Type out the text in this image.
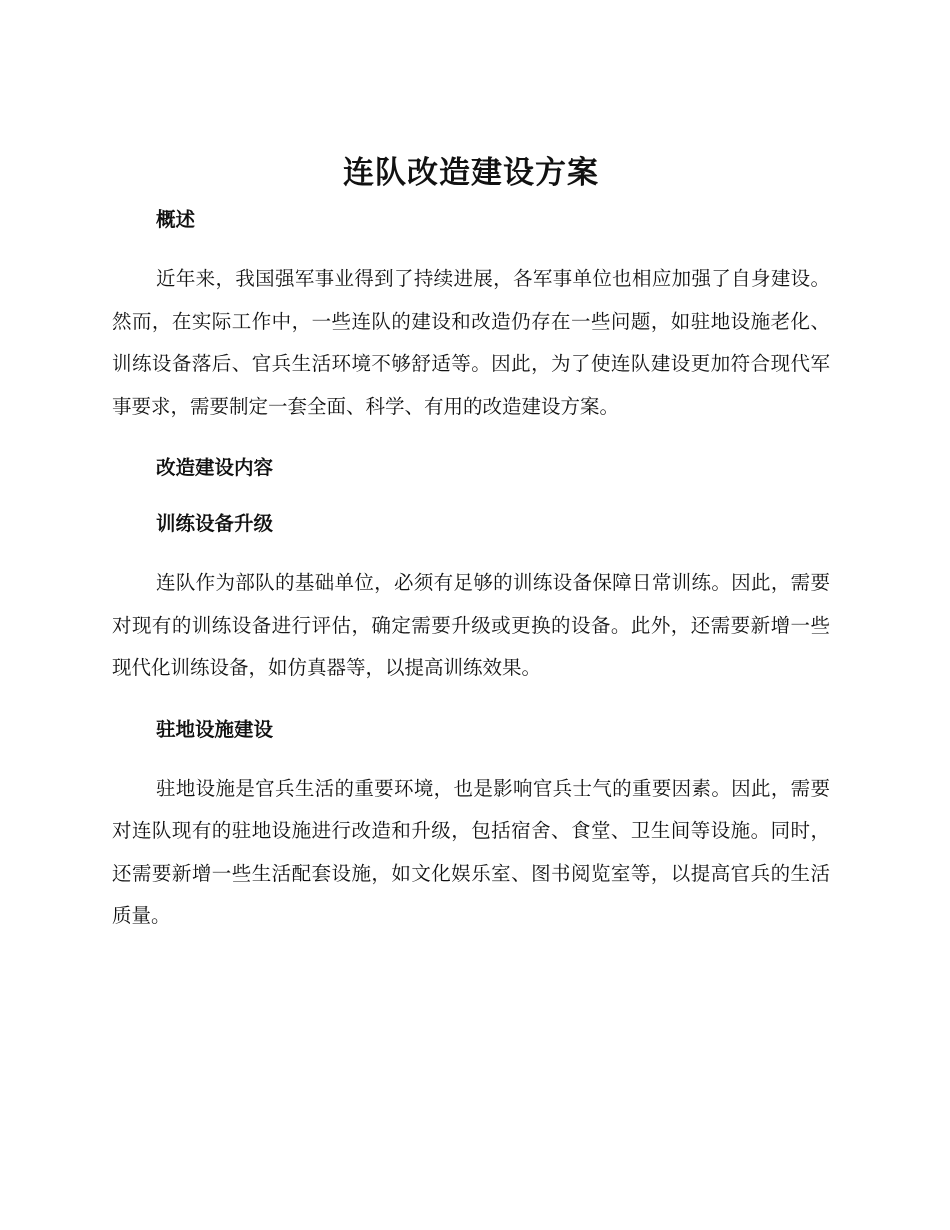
连队改造建设方案
概述

近年来，我国强军事业得到了持续进展，各军事单位也相应加强了自身建设。然而，在实际工作中，一些连队的建设和改造仍存在一些问题，如驻地设施老化、训练设备落后、官兵生活环境不够舒适等。因此，为了使连队建设更加符合现代军事要求，需要制定一套全面、科学、有用的改造建设方案。

改造建设内容
训练设备升级

连队作为部队的基础单位，必须有足够的训练设备保障日常训练。因此，需要对现有的训练设备进行评估，确定需要升级或更换的设备。此外，还需要新增一些现代化训练设备，如仿真器等，以提高训练效果。

驻地设施建设

驻地设施是官兵生活的重要环境，也是影响官兵士气的重要因素。因此，需要对连队现有的驻地设施进行改造和升级，包括宿舍、食堂、卫生间等设施。同时，还需要新增一些生活配套设施，如文化娱乐室、图书阅览室等，以提高官兵的生活质量。
